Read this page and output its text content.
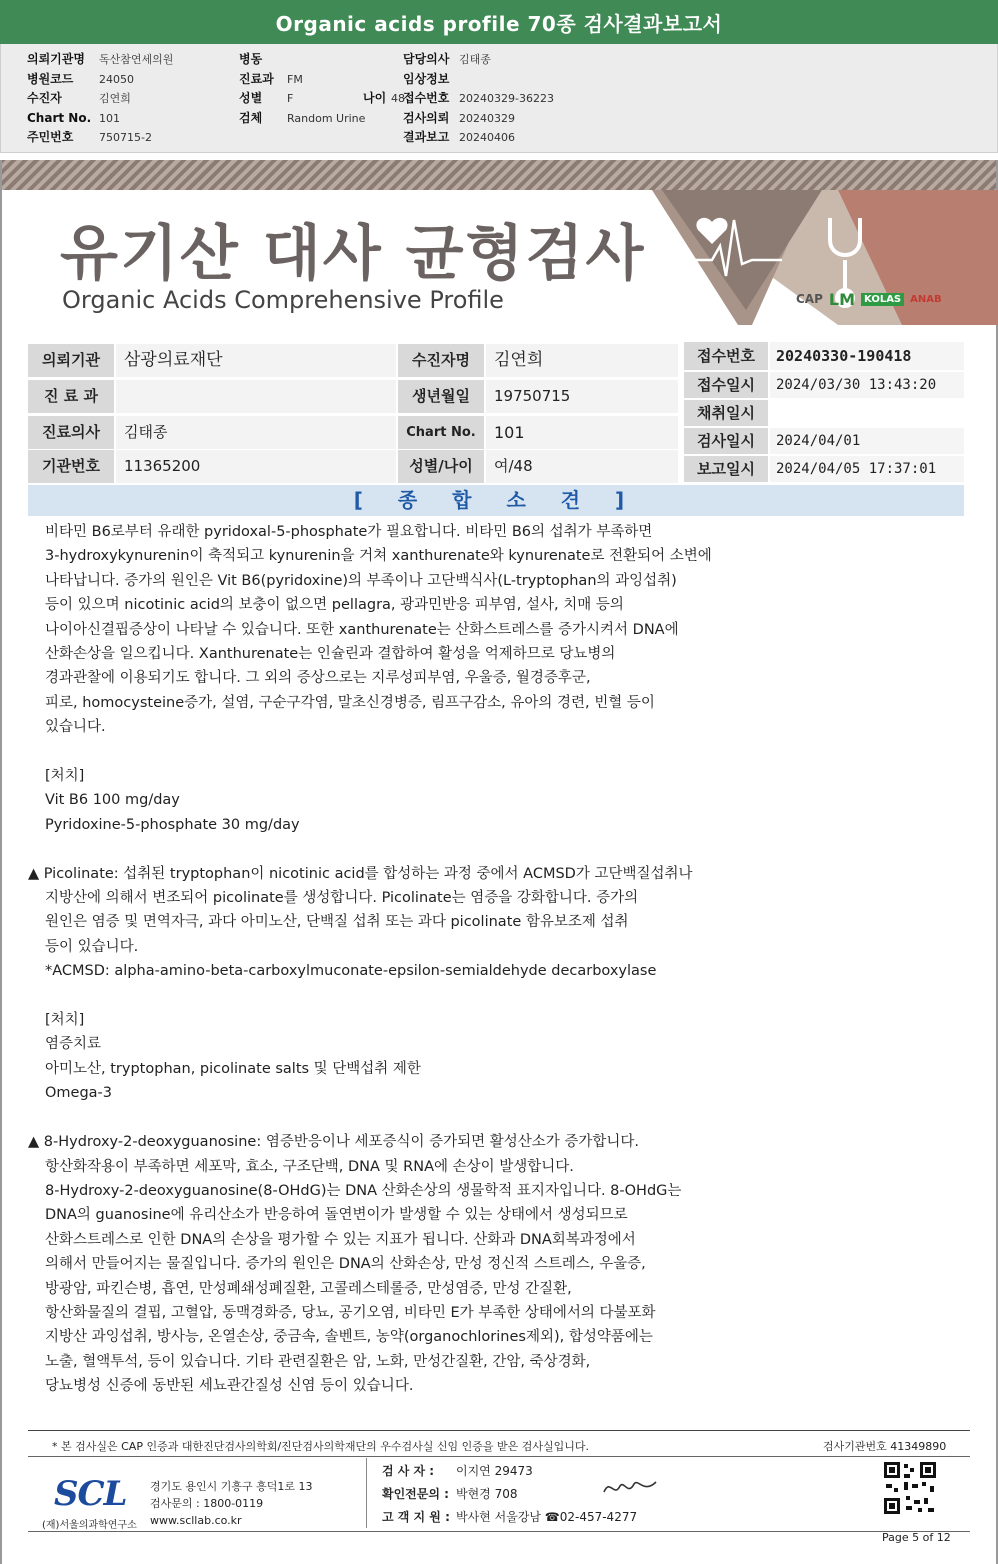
Organic acids profile 70종 검사결과보고서
의뢰기관명 독산참연세의원
병원코드 24050
수진자	김연희
Chart No. 101
주민번호 750715-2
병동
진료과 FM
성별 F	나이 48
검체 Random Urine
담당의사 김태종
임상정보
접수번호 20240329-36223
검사의뢰 20240329
결과보고 20240406
유기산 대사 균형검사
Organic Acids Comprehensive Profile	CAP LM KOLAS ANAB
의뢰기관	삼광의료재단
진 료 과
진료의사	김태종
기관번호	11365200
수진자명	김연희
생년월일	19750715
Chart No.	101
성별/나이	여/48
접수번호	20240330-190418
접수일시	2024/03/30 13:43:20
채취일시
검사일시	2024/04/01
보고일시	2024/04/05 17:37:01
[ 종 합 소 견 ]

비타민 B6로부터 유래한 pyridoxal-5-phosphate가 필요합니다. 비타민 B6의 섭취가 부족하면

3-hydroxykynurenin이 축적되고 kynurenin을 거쳐 xanthurenate와 kynurenate로 전환되어 소변에

나타납니다. 증가의 원인은 Vit B6(pyridoxine)의 부족이나 고단백식사(L-tryptophan의 과잉섭취)

등이 있으며 nicotinic acid의 보충이 없으면 pellagra, 광과민반응 피부염, 설사, 치매 등의

나이아신결핍증상이 나타날 수 있습니다. 또한 xanthurenate는 산화스트레스를 증가시켜서 DNA에

산화손상을 일으킵니다. Xanthurenate는 인슐린과 결합하여 활성을 억제하므로 당뇨병의

경과관찰에 이용되기도 합니다. 그 외의 증상으로는 지루성피부염, 우울증, 월경증후군,

피로, homocysteine증가, 설염, 구순구각염, 말초신경병증, 림프구감소, 유아의 경련, 빈혈 등이

있습니다.

[처치]

Vit B6 100 mg/day

Pyridoxine-5-phosphate 30 mg/day

▲ Picolinate: 섭취된 tryptophan이 nicotinic acid를 합성하는 과정 중에서 ACMSD가 고단백질섭취나

지방산에 의해서 변조되어 picolinate를 생성합니다. Picolinate는 염증을 강화합니다. 증가의

원인은 염증 및 면역자극, 과다 아미노산, 단백질 섭취 또는 과다 picolinate 함유보조제 섭취

등이 있습니다.

*ACMSD: alpha-amino-beta-carboxylmuconate-epsilon-semialdehyde decarboxylase

[처치]

염증치료

아미노산, tryptophan, picolinate salts 및 단백섭취 제한

Omega-3

▲ 8-Hydroxy-2-deoxyguanosine: 염증반응이나 세포증식이 증가되면 활성산소가 증가합니다.

항산화작용이 부족하면 세포막, 효소, 구조단백, DNA 및 RNA에 손상이 발생합니다.

8-Hydroxy-2-deoxyguanosine(8-OHdG)는 DNA 산화손상의 생물학적 표지자입니다. 8-OHdG는

DNA의 guanosine에 유리산소가 반응하여 돌연변이가 발생할 수 있는 상태에서 생성되므로

산화스트레스로 인한 DNA의 손상을 평가할 수 있는 지표가 됩니다. 산화과 DNA회복과정에서

의해서 만들어지는 물질입니다. 증가의 원인은 DNA의 산화손상, 만성 정신적 스트레스, 우울증,

방광암, 파킨슨병, 흡연, 만성폐쇄성폐질환, 고콜레스테롤증, 만성염증, 만성 간질환,

항산화물질의 결핍, 고혈압, 동맥경화증, 당뇨, 공기오염, 비타민 E가 부족한 상태에서의 다불포화

지방산 과잉섭취, 방사능, 온열손상, 중금속, 솔벤트, 농약(organochlorines제외), 합성약품에는

노출, 혈액투석, 등이 있습니다. 기타 관련질환은 암, 노화, 만성간질환, 간암, 죽상경화,

당뇨병성 신증에 동반된 세뇨관간질성 신염 등이 있습니다.

* 본 검사실은 CAP 인증과 대한진단검사의학회/진단검사의학재단의 우수검사실 신임 인증을 받은 검사실입니다.	검사기관번호 41349890
SCL
(재)서울의과학연구소
경기도 용인시 기흥구 흥덕1로 13
검사문의 : 1800-0119
www.scllab.co.kr
검 사 자 : 이지연 29473
확인전문의 : 박현경 708
고 객 지 원 : 박사현 서울강남 ☎02-457-4277
Page 5 of 12
